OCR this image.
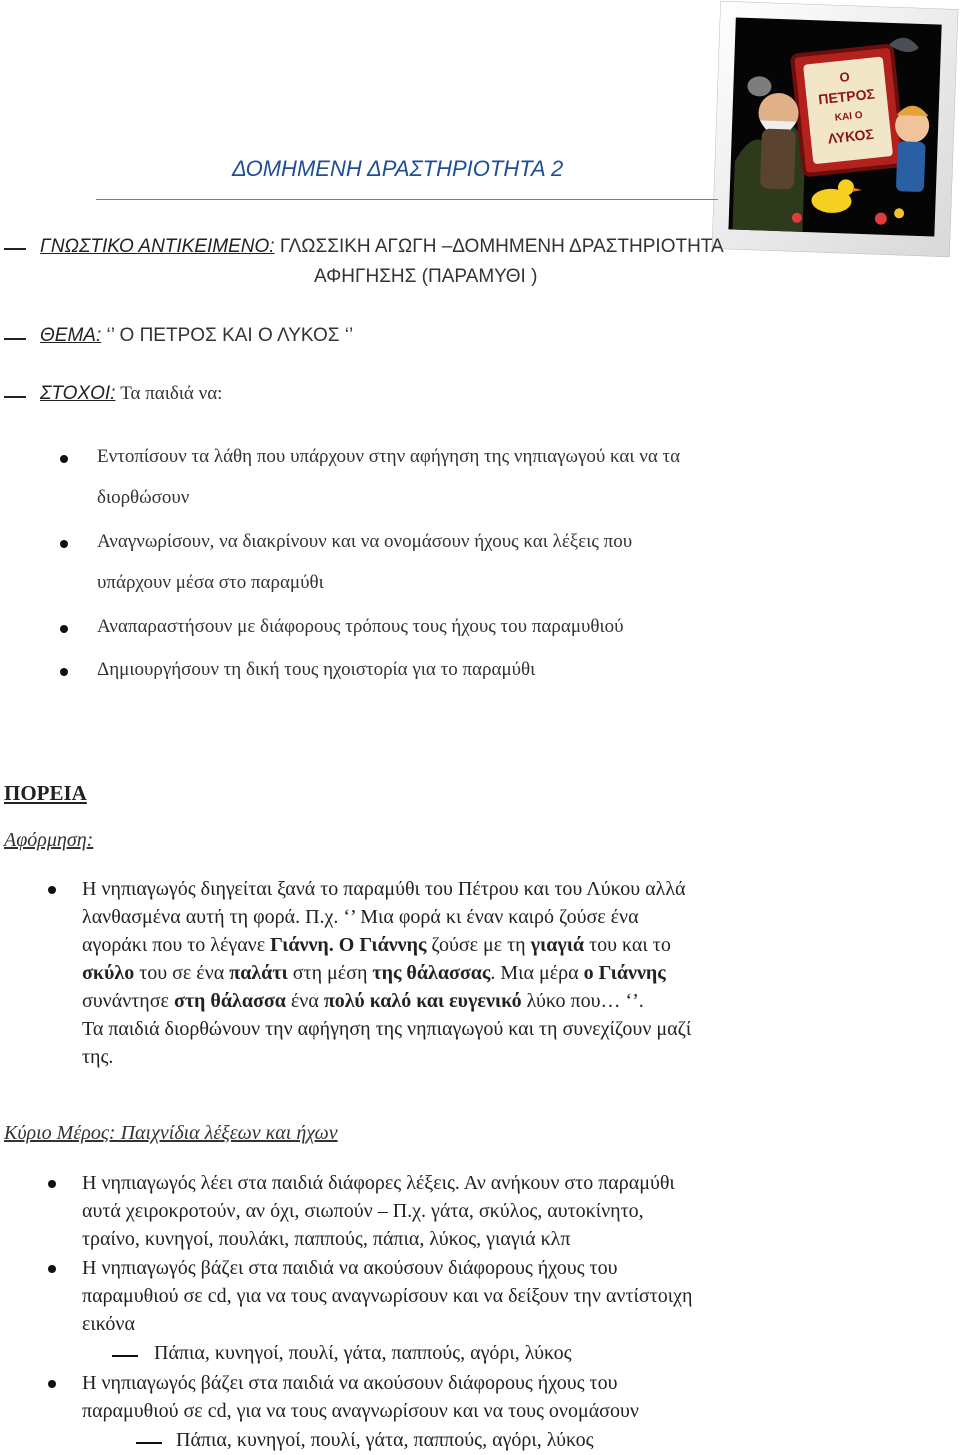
Ο
ΠΕΤΡΟΣ
ΚΑΙ Ο
ΛΥΚΟΣ
ΔΟΜΗΜΕΝΗ ΔΡΑΣΤΗΡΙΟΤΗΤΑ 2
ΓΝΩΣΤΙΚΟ ΑΝΤΙΚΕΙΜΕΝΟ: ΓΛΩΣΣΙΚΗ ΑΓΩΓΗ –ΔΟΜΗΜΕΝΗ ΔΡΑΣΤΗΡΙΟΤΗΤΑ
ΑΦΗΓΗΣΗΣ (ΠΑΡΑΜΥΘΙ )
ΘΕΜΑ: ‘’ Ο ΠΕΤΡΟΣ ΚΑΙ Ο ΛΥΚΟΣ ‘’
ΣΤΟΧΟΙ: Τα παιδιά να:
Εντοπίσουν τα λάθη που υπάρχουν στην αφήγηση της νηπιαγωγού και να τα
διορθώσουν
Αναγνωρίσουν, να διακρίνουν και να ονομάσουν ήχους και λέξεις που
υπάρχουν μέσα στο παραμύθι
Αναπαραστήσουν με διάφορους τρόπους τους ήχους του παραμυθιού
Δημιουργήσουν τη δική τους ηχοιστορία για το παραμύθι
ΠΟΡΕΙΑ
Αφόρμηση:
Η νηπιαγωγός διηγείται ξανά το παραμύθι του Πέτρου και του Λύκου αλλά
λανθασμένα αυτή τη φορά. Π.χ. ‘’ Μια φορά κι έναν καιρό ζούσε ένα
αγοράκι που το λέγανε Γιάννη. Ο Γιάννης ζούσε με τη γιαγιά του και το
σκύλο του σε ένα παλάτι στη μέση της θάλασσας. Μια μέρα ο Γιάννης
συνάντησε στη θάλασσα ένα πολύ καλό και ευγενικό λύκο που… ‘’.
Τα παιδιά διορθώνουν την αφήγηση της νηπιαγωγού και τη συνεχίζουν μαζί
της.
Κύριο Μέρος: Παιχνίδια λέξεων και ήχων
Η νηπιαγωγός λέει στα παιδιά διάφορες λέξεις. Αν ανήκουν στο παραμύθι
αυτά χειροκροτούν, αν όχι, σιωπούν – Π.χ. γάτα, σκύλος, αυτοκίνητο,
τραίνο, κυνηγοί, πουλάκι, παππούς, πάπια, λύκος, γιαγιά κλπ
Η νηπιαγωγός βάζει στα παιδιά να ακούσουν διάφορους ήχους του
παραμυθιού σε cd, για να τους αναγνωρίσουν και να δείξουν την αντίστοιχη
εικόνα
Πάπια, κυνηγοί, πουλί, γάτα, παππούς, αγόρι, λύκος
Η νηπιαγωγός βάζει στα παιδιά να ακούσουν διάφορους ήχους του
παραμυθιού σε cd, για να τους αναγνωρίσουν και να τους ονομάσουν
Πάπια, κυνηγοί, πουλί, γάτα, παππούς, αγόρι, λύκος
